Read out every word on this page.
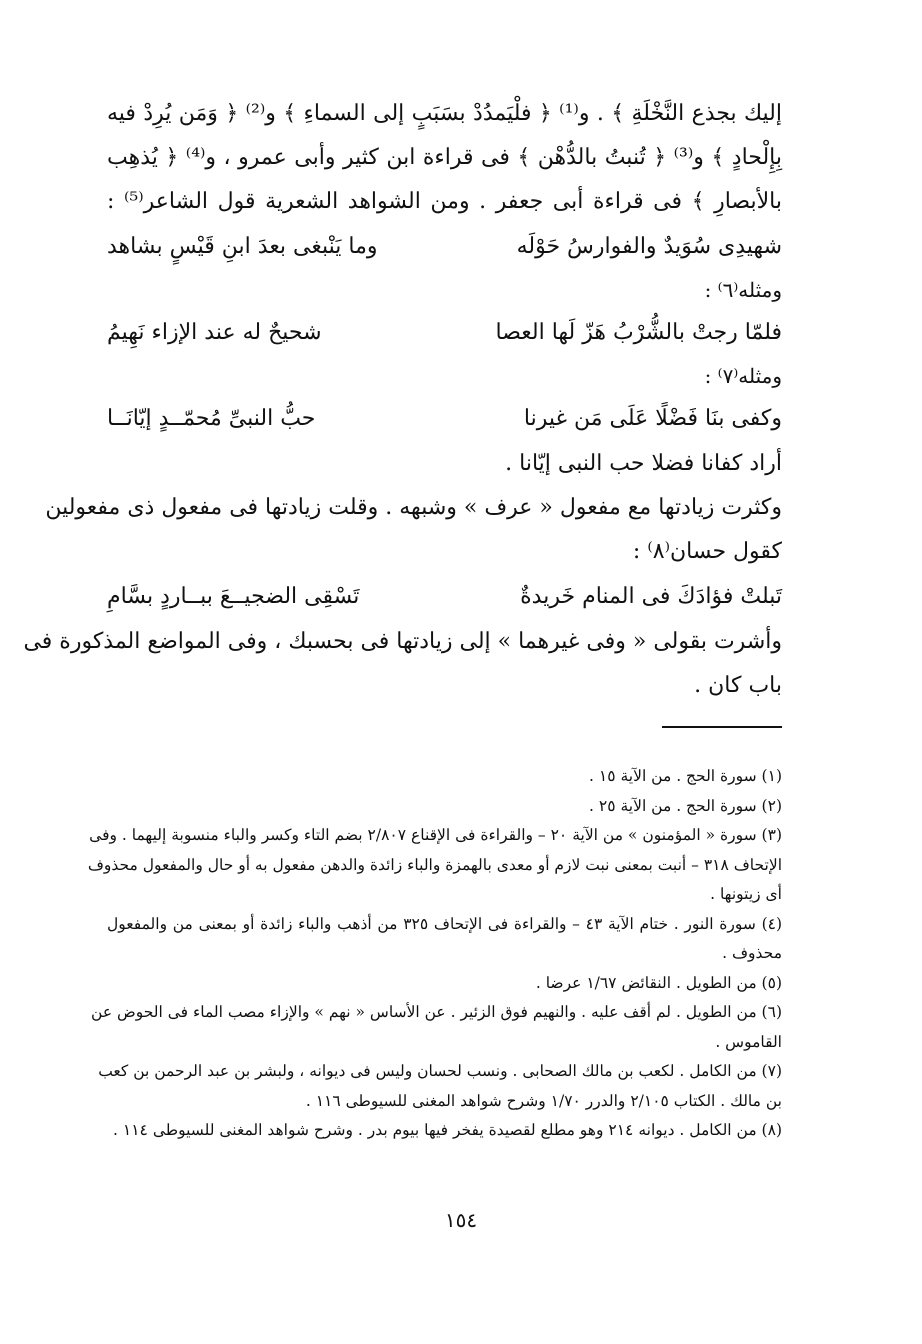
إليك بجذع النَّخْلَةِ ﴾ . و⁽¹⁾ ﴿ فلْيَمدُدْ بسَبَبٍ إلى السماءِ ﴾ و⁽²⁾ ﴿ وَمَن يُرِدْ فيه
بِإِلْحادٍ ﴾ و⁽³⁾ ﴿ تُنبتُ بالدُّهْن ﴾ فى قراءة ابن كثير وأبى عمرو ، و⁽⁴⁾ ﴿ يُذهِب
بالأبصارِ ﴾ فى قراءة أبى جعفر . ومن الشواهد الشعرية قول الشاعر⁽⁵⁾ :
شهيدِى سُوَيدٌ والفوارسُ حَوْلَه
وما يَنْبغى بعدَ ابنِ قَيْسٍ بشاهد
ومثله⁽٦⁾ :
فلمّا رجتْ بالشُّرْبُ هَزّ لَها العصا
شحيحٌ له عند الإزاء نَهِيمُ
ومثله⁽٧⁾ :
وكفى بنَا فَضْلًا عَلَى مَن غيرنا
حبُّ النبىِّ مُحمّــدٍ إيّانَــا
أراد كفانا فضلا حب النبى إيّانا .
وكثرت زيادتها مع مفعول « عرف » وشبهه . وقلت زيادتها فى مفعول ذى مفعولين
كقول حسان⁽٨⁾ :
تَبلتْ فؤادَكَ فى المنام خَريدةٌ
تَسْقِى الضجيــعَ ببــاردٍ بسَّامِ
وأشرت بقولى « وفى غيرهما » إلى زيادتها فى بحسبك ، وفى المواضع المذكورة فى
باب كان .
(١) سورة الحج . من الآية ١٥ .
(٢) سورة الحج . من الآية ٢٥ .
(٣) سورة « المؤمنون » من الآية ٢٠ – والقراءة فى الإقناع ٢/٨٠٧ بضم التاء وكسر والباء منسوبة إليهما . وفى
الإتحاف ٣١٨ – أنبت بمعنى نبت لازم أو معدى بالهمزة والباء زائدة والدهن مفعول به أو حال والمفعول محذوف
أى زيتونها .
(٤) سورة النور . ختام الآية ٤٣ – والقراءة فى الإتحاف ٣٢٥ من أذهب والباء زائدة أو بمعنى من والمفعول
محذوف .
(٥) من الطويل . النقائض ١/٦٧ عرضا .
(٦) من الطويل . لم أقف عليه . والنهيم فوق الزئير . عن الأساس « نهم » والإزاء مصب الماء فى الحوض عن
القاموس .
(٧) من الكامل . لكعب بن مالك الصحابى . ونسب لحسان وليس فى ديوانه ، ولبشر بن عبد الرحمن بن كعب
بن مالك . الكتاب ٢/١٠٥ والدرر ١/٧٠ وشرح شواهد المغنى للسيوطى ١١٦ .
(٨) من الكامل . ديوانه ٢١٤ وهو مطلع لقصيدة يفخر فيها بيوم بدر . وشرح شواهد المغنى للسيوطى ١١٤ .
١٥٤
